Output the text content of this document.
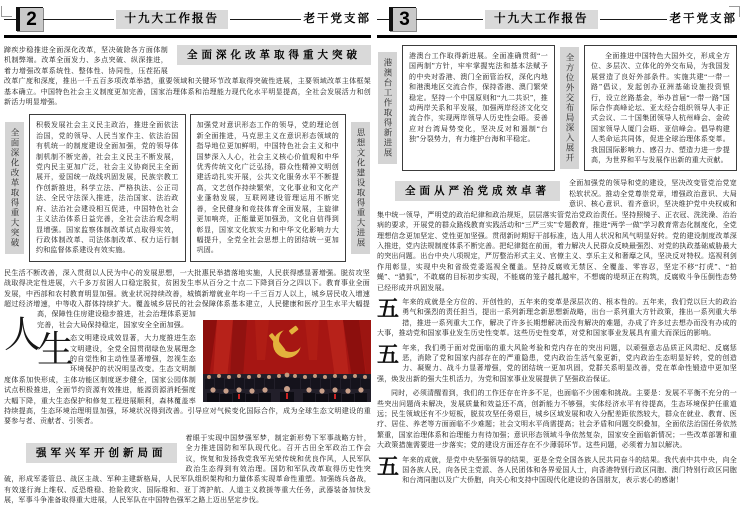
2	十九大工作报告	老干党支部
全面深化改革取得重大突破

蹄疾步稳推进全面深化改革，坚决破除各方面体制机制弊端。改革全面发力、多点突破、纵深推进，着力增强改革系统性、整体性、协同性，压茬拓展改革广度和深度，推出一千五百多项改革举措，重要领域和关键环节改革取得突破性进展，主要领域改革主体框架基本确立。中国特色社会主义制度更加完善，国家治理体系和治理能力现代化水平明显提高，全社会发展活力和创新活力明显增强。

全面深化改革取得重大突破

积极发展社会主义民主政治，推进全面依法治国，党的领导、人民当家作主、依法治国有机统一的制度建设全面加强，党的领导体制机制不断完善，社会主义民主不断发展，党内民主更加广泛，社会主义协商民主全面展开，爱国统一战线巩固发展，民族宗教工作创新推进，科学立法、严格执法、公正司法、全民守法深入推进，法治国家、法治政府、法治社会建设相互促进，中国特色社会主义法治体系日益完善，全社会法治观念明显增强。国家监察体制改革试点取得实效，行政体制改革、司法体制改革、权力运行制约和监督体系建设有效实施。

加强党对意识形态工作的领导，党的理论创新全面推进，马克思主义在意识形态领域的指导地位更加鲜明，中国特色社会主义和中国梦深入人心，社会主义核心价值观和中华优秀传统文化广泛弘扬，群众性精神文明创建活动扎实开展，公共文化服务水平不断提高，文艺创作持续繁荣，文化事业和文化产业蓬勃发展，互联网建设管理运用不断完善，全民健身和竞技体育全面发展，主旋律更加响亮，正能量更加强劲，文化自信得到彰显，国家文化软实力和中华文化影响力大幅提升，全党全社会思想上的团结统一更加巩固。

思想文化建设取得重大进展

人
民生活不断改善，深入贯彻以人民为中心的发展思想，一大批惠民举措落地实施，人民获得感显著增强。脱贫攻坚战取得决定性进展，六千多万贫困人口稳定脱贫，贫困发生率从百分之十点二下降到百分之四以下。教育事业全面发展，中西部和农村教育明显加强。就业状况持续改善，城镇新增就业年均一千三百万人以上，城乡居民收入增速超过经济增速，中等收入群体持续扩大。覆盖城乡居民的社会保障体系基本建立，人民健康和医疗卫生水平大幅提高，保障性住房建设稳步推进，社会治理体系更加完善，社会大局保持稳定，国家安全全面加强。

生
态文明建设成效显著，大力度推进生态文明建设，全党全国贯彻绿色发展理念的自觉性和主动性显著增强，忽视生态环境保护的状况明显改变。生态文明制度体系加快形成，主体功能区制度逐步健全，国家公园体制试点积极推进，全面节约资源有效推进，能源资源消耗强度大幅下降，重大生态保护和修复工程进展顺利，森林覆盖率持续提高，生态环境治理明显加强，环境状况得到改善。引导应对气候变化国际合作，成为全球生态文明建设的重要参与者、贡献者、引领者。

强军兴军开创新局面

着眼于实现中国梦强军梦，制定新形势下军事战略方针，全力推进国防和军队现代化。召开古田全军政治工作会议，恢复和发扬我党我军光荣传统和优良作风，人民军队政治生态得到有效治理。国防和军队改革取得历史性突破，形成军委管总、战区主战、军种主建新格局，人民军队组织架构和力量体系实现革命性重塑。加强练兵备战，有效遂行海上维权、反恐维稳、抢险救灾、国际维和、亚丁湾护航、人道主义救援等重大任务，武器装备加快发展，军事斗争准备取得重大进展，人民军队在中国特色强军之路上迈出坚定步伐。

3	十九大工作报告	老干党支部
港澳台工作取得新进展

港澳台工作取得新进展。全面准确贯彻“一国两制”方针，牢牢掌握宪法和基本法赋予的中央对香港、澳门全面管治权，深化内地和港澳地区交流合作，保持香港、澳门繁荣稳定。坚持一个中国原则和“九二共识”，推动两岸关系和平发展，加强两岸经济文化交流合作，实现两岸领导人历史性会晤。妥善应对台湾局势变化，坚决反对和遏制“台独”分裂势力，有力维护台海和平稳定。	全方位外交布局深入展开	全面推进中国特色大国外交，形成全方位、多层次、立体化的外交布局，为我国发展营造了良好外部条件。实施共建“一带一路”倡议，发起创办亚洲基础设施投资银行，设立丝路基金，举办首届“一带一路”国际合作高峰论坛、亚太经合组织领导人非正式会议、二十国集团领导人杭州峰会、金砖国家领导人厦门会晤、亚信峰会。倡导构建人类命运共同体，促进全球治理体系变革。我国国际影响力、感召力、塑造力进一步提高，为世界和平与发展作出新的重大贡献。

全面从严治党成效卓著

全面加强党的领导和党的建设，坚决改变管党治党宽松软状况。推动全党尊崇党章，增强政治意识、大局意识、核心意识、看齐意识，坚决维护党中央权威和集中统一领导，严明党的政治纪律和政治规矩，层层落实管党治党政治责任。坚持照镜子、正衣冠、洗洗澡、治治病的要求，开展党的群众路线教育实践活动和“三严三实”专题教育，推进“两学一做”学习教育常态化制度化，全党理想信念更加坚定、党性更加坚强。贯彻新时期好干部标准，选人用人状况和风气明显好转。党的建设制度改革深入推进，党内法规制度体系不断完善。把纪律挺在前面，着力解决人民群众反映最强烈、对党的执政基础威胁最大的突出问题。出台中央八项规定，严厉整治形式主义、官僚主义、享乐主义和奢靡之风，坚决反对特权。巡视利剑作用彰显，实现中央和省级党委巡视全覆盖。坚持反腐败无禁区、全覆盖、零容忍，坚定不移“打虎”、“拍蝇”、“猎狐”，不敢腐的目标初步实现，不能腐的笼子越扎越牢，不想腐的堤坝正在构筑，反腐败斗争压倒性态势已经形成并巩固发展。

五年来的成就是全方位的、开创性的，五年来的变革是深层次的、根本性的。五年来，我们党以巨大的政治勇气和强烈的责任担当，提出一系列新理念新思想新战略，出台一系列重大方针政策，推出一系列重大举措，推进一系列重大工作，解决了许多长期想解决而没有解决的难题，办成了许多过去想办而没有办成的大事，推动党和国家事业发生历史性变革。这些历史性变革，对党和国家事业发展具有重大而深远的影响。

五年来，我们勇于面对党面临的重大风险考验和党内存在的突出问题，以顽强意志品质正风肃纪、反腐惩恶，消除了党和国家内部存在的严重隐患，党内政治生活气象更新，党内政治生态明显好转，党的创造力、凝聚力、战斗力显著增强，党的团结统一更加巩固，党群关系明显改善，党在革命性锻造中更加坚强，焕发出新的强大生机活力，为党和国家事业发展提供了坚强政治保证。

同时，必须清醒看到，我们的工作还存在许多不足，也面临不少困难和挑战。主要是：发展不平衡不充分的一些突出问题尚未解决，发展质量和效益还不高，创新能力不够强，实体经济水平有待提高，生态环境保护任重道远；民生领域还有不少短板，脱贫攻坚任务艰巨，城乡区域发展和收入分配差距依然较大，群众在就业、教育、医疗、居住、养老等方面面临不少难题；社会文明水平尚需提高；社会矛盾和问题交织叠加，全面依法治国任务依然繁重，国家治理体系和治理能力有待加强；意识形态领域斗争依然复杂，国家安全面临新情况；一些改革部署和重大政策措施需要进一步落实；党的建设方面还存在不少薄弱环节。这些问题，必须着力加以解决。

五年来的成就，是党中央坚强领导的结果，更是全党全国各族人民共同奋斗的结果。我代表中共中央，向全国各族人民，向各民主党派、各人民团体和各界爱国人士，向香港特别行政区同胞、澳门特别行政区同胞和台湾同胞以及广大侨胞，向关心和支持中国现代化建设的各国朋友，表示衷心的感谢！
